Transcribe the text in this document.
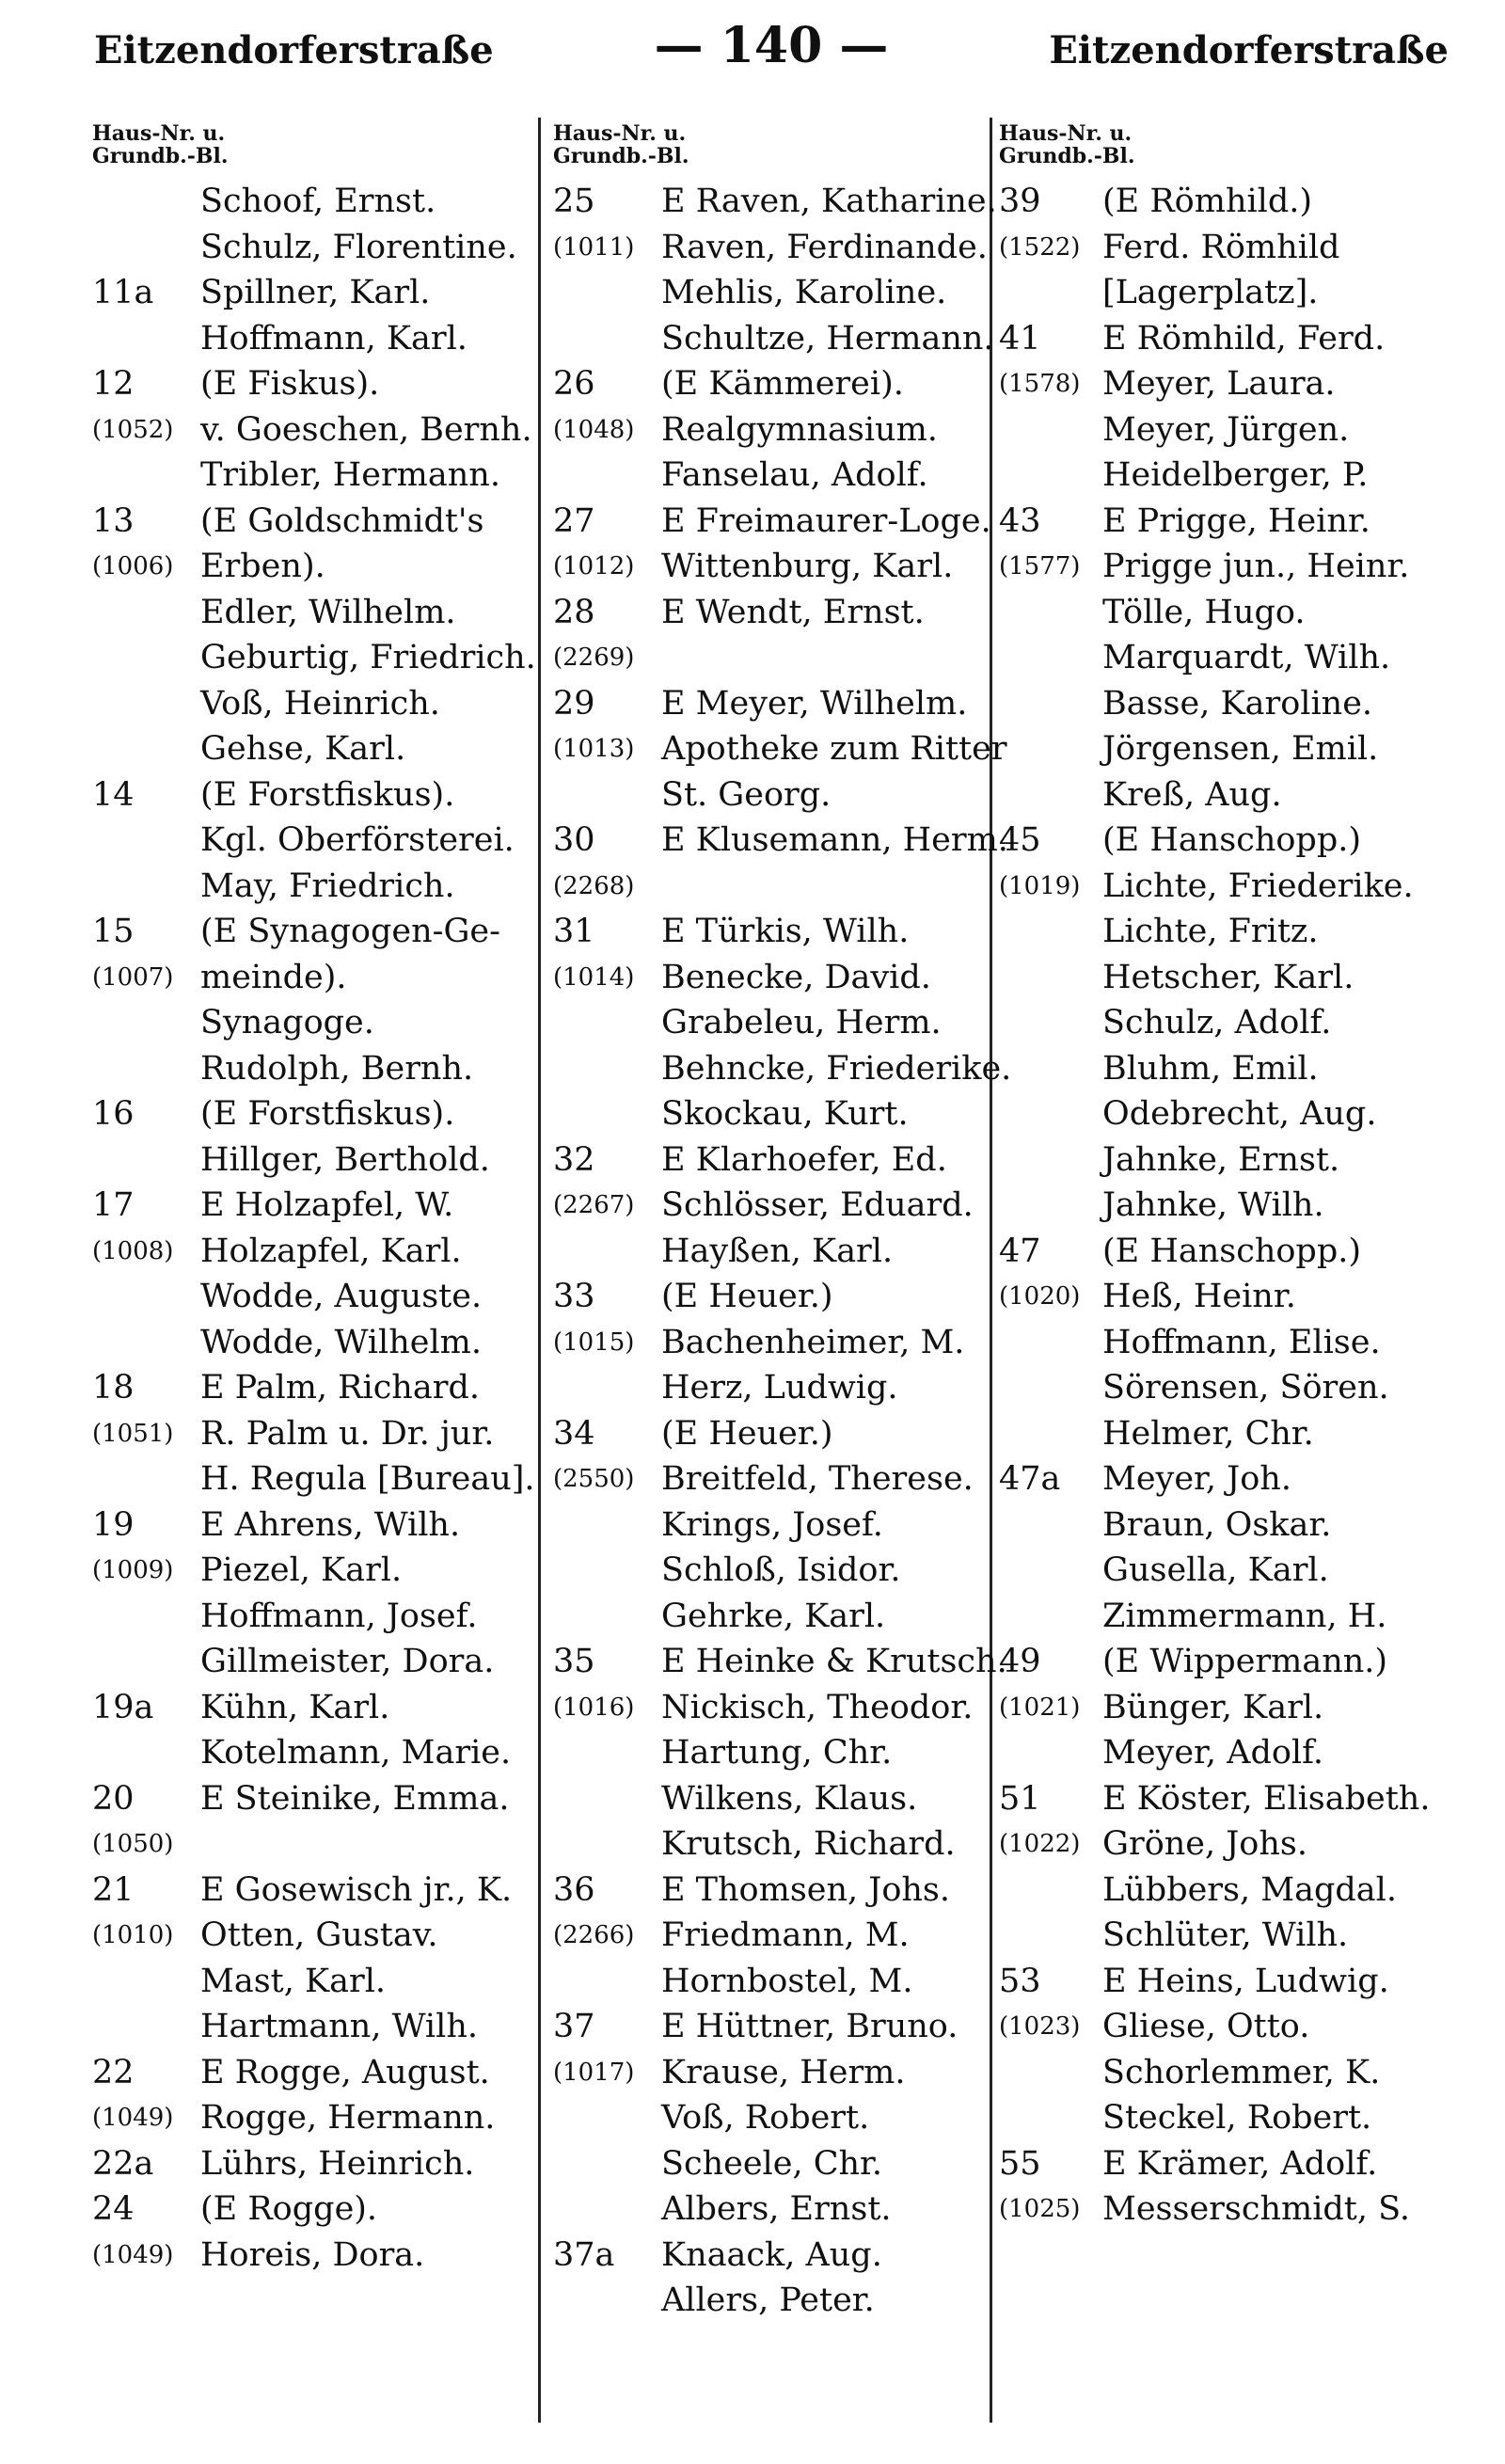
Eitzendorferstraße	— 140 —	Eitzendorferstraße
Haus-Nr. u.
Grundb.-Bl.
Schoof, Ernst.
Schulz, Florentine.
11a Spillner, Karl.
Hoffmann, Karl.
12 (E Fiskus).
(1052) v. Goeschen, Bernh.
Tribler, Hermann.
13 (E Goldschmidt's
(1006) Erben).
Edler, Wilhelm.
Geburtig, Friedrich.
Voß, Heinrich.
Gehse, Karl.
14 (E Forstfiskus).
Kgl. Oberförsterei.
May, Friedrich.
15 (E Synagogen-Ge-
(1007) meinde).
Synagoge.
Rudolph, Bernh.
16 (E Forstfiskus).
Hillger, Berthold.
17 E Holzapfel, W.
(1008) Holzapfel, Karl.
Wodde, Auguste.
Wodde, Wilhelm.
18 E Palm, Richard.
(1051) R. Palm u. Dr. jur.
H. Regula [Bureau].
19 E Ahrens, Wilh.
(1009) Piezel, Karl.
Hoffmann, Josef.
Gillmeister, Dora.
19a Kühn, Karl.
Kotelmann, Marie.
20 E Steinike, Emma.
(1050)
21 E Gosewisch jr., K.
(1010) Otten, Gustav.
Mast, Karl.
Hartmann, Wilh.
22 E Rogge, August.
(1049) Rogge, Hermann.
22a Lührs, Heinrich.
24 (E Rogge).
(1049) Horeis, Dora.
Haus-Nr. u.
Grundb.-Bl.
25 E Raven, Katharine.
(1011) Raven, Ferdinande.
Mehlis, Karoline.
Schultze, Hermann.
26 (E Kämmerei).
(1048) Realgymnasium.
Fanselau, Adolf.
27 E Freimaurer-Loge.
(1012) Wittenburg, Karl.
28 E Wendt, Ernst.
(2269)
29 E Meyer, Wilhelm.
(1013) Apotheke zum Ritter
St. Georg.
30 E Klusemann, Herm.
(2268)
31 E Türkis, Wilh.
(1014) Benecke, David.
Grabeleu, Herm.
Behncke, Friederike.
Skockau, Kurt.
32 E Klarhoefer, Ed.
(2267) Schlösser, Eduard.
Hayßen, Karl.
33 (E Heuer.)
(1015) Bachenheimer, M.
Herz, Ludwig.
34 (E Heuer.)
(2550) Breitfeld, Therese.
Krings, Josef.
Schloß, Isidor.
Gehrke, Karl.
35 E Heinke & Krutsch.
(1016) Nickisch, Theodor.
Hartung, Chr.
Wilkens, Klaus.
Krutsch, Richard.
36 E Thomsen, Johs.
(2266) Friedmann, M.
Hornbostel, M.
37 E Hüttner, Bruno.
(1017) Krause, Herm.
Voß, Robert.
Scheele, Chr.
Albers, Ernst.
37a Knaack, Aug.
Allers, Peter.
Haus-Nr. u.
Grundb.-Bl.
39 (E Römhild.)
(1522) Ferd. Römhild
[Lagerplatz].
41 E Römhild, Ferd.
(1578) Meyer, Laura.
Meyer, Jürgen.
Heidelberger, P.
43 E Prigge, Heinr.
(1577) Prigge jun., Heinr.
Tölle, Hugo.
Marquardt, Wilh.
Basse, Karoline.
Jörgensen, Emil.
Kreß, Aug.
45 (E Hanschopp.)
(1019) Lichte, Friederike.
Lichte, Fritz.
Hetscher, Karl.
Schulz, Adolf.
Bluhm, Emil.
Odebrecht, Aug.
Jahnke, Ernst.
Jahnke, Wilh.
47 (E Hanschopp.)
(1020) Heß, Heinr.
Hoffmann, Elise.
Sörensen, Sören.
Helmer, Chr.
47a Meyer, Joh.
Braun, Oskar.
Gusella, Karl.
Zimmermann, H.
49 (E Wippermann.)
(1021) Bünger, Karl.
Meyer, Adolf.
51 E Köster, Elisabeth.
(1022) Gröne, Johs.
Lübbers, Magdal.
Schlüter, Wilh.
53 E Heins, Ludwig.
(1023) Gliese, Otto.
Schorlemmer, K.
Steckel, Robert.
55 E Krämer, Adolf.
(1025) Messerschmidt, S.
